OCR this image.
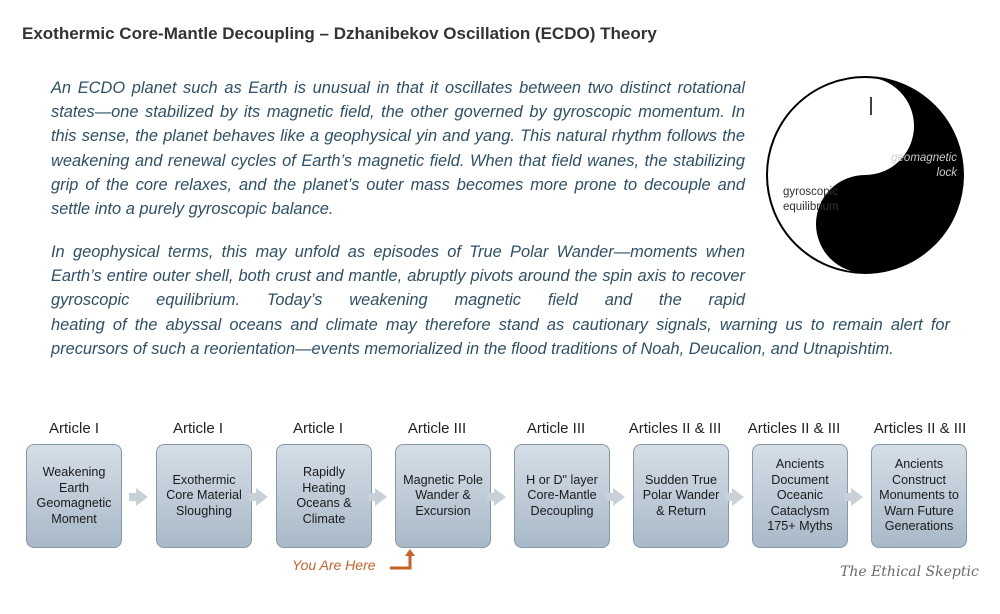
Exothermic Core-Mantle Decoupling – Dzhanibekov Oscillation (ECDO) Theory

An ECDO planet such as Earth is unusual in that it oscillates between two distinct rotational states—one stabilized by its magnetic field, the other governed by gyroscopic momentum. In this sense, the planet behaves like a geophysical yin and yang. This natural rhythm follows the weakening and renewal cycles of Earth’s magnetic field. When that field wanes, the stabilizing grip of the core relaxes, and the planet’s outer mass becomes more prone to decouple and settle into a purely gyroscopic balance.

In geophysical terms, this may unfold as episodes of True Polar Wander—moments when Earth’s entire outer shell, both crust and mantle, abruptly pivots around the spin axis to recover gyroscopic equilibrium. Today’s weakening magnetic field and the rapid

heating of the abyssal oceans and climate may therefore stand as cautionary signals, warning us to remain alert for precursors of such a reorientation—events memorialized in the flood traditions of Noah, Deucalion, and Utnapishtim.

geomagnetic
lock
gyroscopic
equilibrium
Article I	Article I	Article I	Article III	Article III	Articles II & III	Articles II & III	Articles II & III
Weakening Earth Geomagnetic Moment
Exothermic Core Material Sloughing
Rapidly Heating Oceans & Climate
Magnetic Pole Wander & Excursion
H or D" layer Core-Mantle Decoupling
Sudden True Polar Wander & Return
Ancients Document Oceanic Cataclysm 175+ Myths
Ancients Construct Monuments to Warn Future Generations
You Are Here	The Ethical Skeptic
